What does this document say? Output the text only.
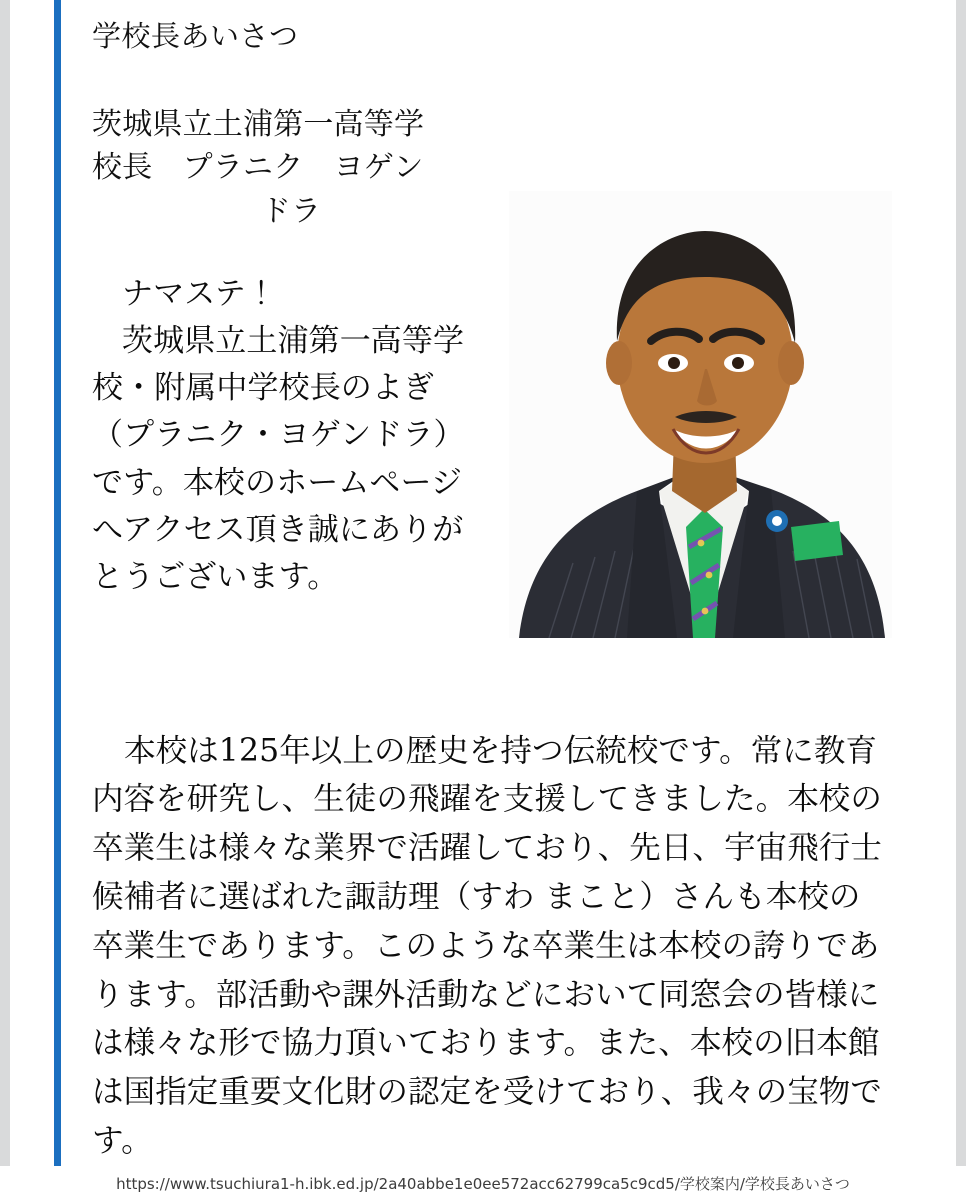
学校長あいさつ

茨城県立土浦第一高等学
校長　プラニク　ヨゲン
ドラ

ナマステ！
茨城県立土浦第一高等学校・附属中学校長のよぎ（プラニク・ヨゲンドラ）です。本校のホームページへアクセス頂き誠にありがとうございます。

本校は125年以上の歴史を持つ伝統校です。常に教育内容を研究し、生徒の飛躍を支援してきました。本校の卒業生は様々な業界で活躍しており、先日、宇宙飛行士候補者に選ばれた諏訪理（すわ まこと）さんも本校の卒業生であります。このような卒業生は本校の誇りであります。部活動や課外活動などにおいて同窓会の皆様には様々な形で協力頂いております。また、本校の旧本館は国指定重要文化財の認定を受けており、我々の宝物です。

https://www.tsuchiura1-h.ibk.ed.jp/2a40abbe1e0ee572acc62799ca5c9cd5/学校案内/学校長あいさつ
